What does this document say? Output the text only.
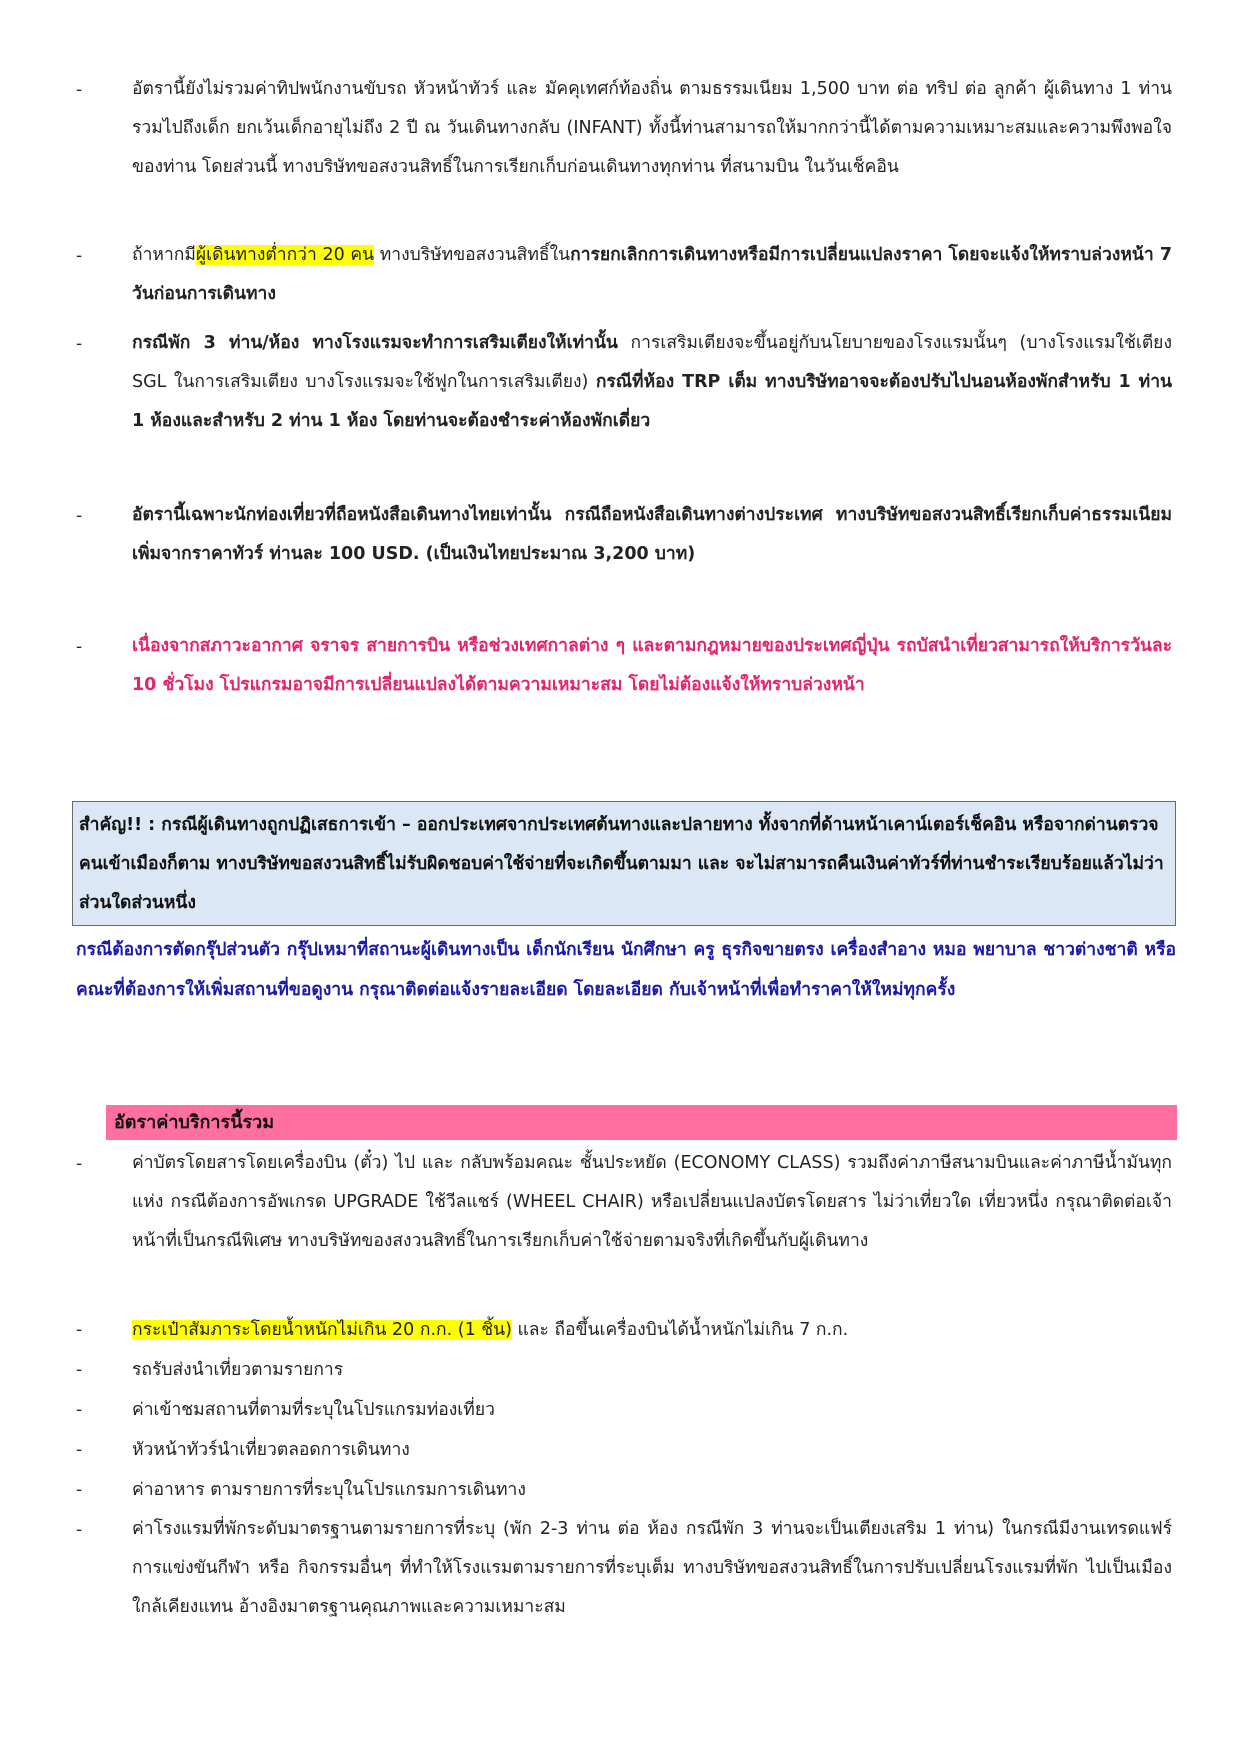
-	อัตรานี้ยังไม่รวมค่าทิปพนักงานขับรถ หัวหน้าทัวร์ และ มัคคุเทศก์ท้องถิ่น ตามธรรมเนียม 1,500 บาท ต่อ ทริป ต่อ ลูกค้า ผู้เดินทาง 1 ท่าน รวมไปถึงเด็ก ยกเว้นเด็กอายุไม่ถึง 2 ปี ณ วันเดินทางกลับ (INFANT) ทั้งนี้ท่านสามารถให้มากกว่านี้ได้ตามความเหมาะสมและความพึงพอใจของท่าน โดยส่วนนี้ ทางบริษัทขอสงวนสิทธิ์ในการเรียกเก็บก่อนเดินทางทุกท่าน ที่สนามบิน ในวันเช็คอิน
-	ถ้าหากมีผู้เดินทางต่ำกว่า 20 คน ทางบริษัทขอสงวนสิทธิ์ในการยกเลิกการเดินทางหรือมีการเปลี่ยนแปลงราคา โดยจะแจ้งให้ทราบล่วงหน้า 7 วันก่อนการเดินทาง
-	กรณีพัก 3 ท่าน/ห้อง ทางโรงแรมจะทำการเสริมเตียงให้เท่านั้น การเสริมเตียงจะขึ้นอยู่กับนโยบายของโรงแรมนั้นๆ (บางโรงแรมใช้เตียง SGL ในการเสริมเตียง บางโรงแรมจะใช้ฟูกในการเสริมเตียง) กรณีที่ห้อง TRP เต็ม ทางบริษัทอาจจะต้องปรับไปนอนห้องพักสำหรับ 1 ท่าน 1 ห้องและสำหรับ 2 ท่าน 1 ห้อง โดยท่านจะต้องชำระค่าห้องพักเดี่ยว
-	อัตรานี้เฉพาะนักท่องเที่ยวที่ถือหนังสือเดินทางไทยเท่านั้น กรณีถือหนังสือเดินทางต่างประเทศ ทางบริษัทขอสงวนสิทธิ์เรียกเก็บค่าธรรมเนียมเพิ่มจากราคาทัวร์ ท่านละ 100 USD. (เป็นเงินไทยประมาณ 3,200 บาท)
-	เนื่องจากสภาวะอากาศ จราจร สายการบิน หรือช่วงเทศกาลต่าง ๆ และตามกฎหมายของประเทศญี่ปุ่น รถบัสนำเที่ยวสามารถให้บริการวันละ 10 ชั่วโมง โปรแกรมอาจมีการเปลี่ยนแปลงได้ตามความเหมาะสม โดยไม่ต้องแจ้งให้ทราบล่วงหน้า
สำคัญ!! : กรณีผู้เดินทางถูกปฏิเสธการเข้า – ออกประเทศจากประเทศต้นทางและปลายทาง ทั้งจากที่ด้านหน้าเคาน์เตอร์เช็คอิน หรือจากด่านตรวจคนเข้าเมืองก็ตาม ทางบริษัทขอสงวนสิทธิ์ไม่รับผิดชอบค่าใช้จ่ายที่จะเกิดขึ้นตามมา และ จะไม่สามารถคืนเงินค่าทัวร์ที่ท่านชำระเรียบร้อยแล้วไม่ว่าส่วนใดส่วนหนึ่ง
กรณีต้องการตัดกรุ๊ปส่วนตัว กรุ๊ปเหมาที่สถานะผู้เดินทางเป็น เด็กนักเรียน นักศึกษา ครู ธุรกิจขายตรง เครื่องสำอาง หมอ พยาบาล ชาวต่างชาติ หรือคณะที่ต้องการให้เพิ่มสถานที่ขอดูงาน กรุณาติดต่อแจ้งรายละเอียด โดยละเอียด กับเจ้าหน้าที่เพื่อทำราคาให้ใหม่ทุกครั้ง
อัตราค่าบริการนี้รวม
-	ค่าบัตรโดยสารโดยเครื่องบิน (ตั๋ว) ไป และ กลับพร้อมคณะ ชั้นประหยัด (ECONOMY CLASS) รวมถึงค่าภาษีสนามบินและค่าภาษีน้ำมันทุกแห่ง กรณีต้องการอัพเกรด UPGRADE ใช้วีลแชร์ (WHEEL CHAIR) หรือเปลี่ยนแปลงบัตรโดยสาร ไม่ว่าเที่ยวใด เที่ยวหนึ่ง กรุณาติดต่อเจ้าหน้าที่เป็นกรณีพิเศษ ทางบริษัทของสงวนสิทธิ์ในการเรียกเก็บค่าใช้จ่ายตามจริงที่เกิดขึ้นกับผู้เดินทาง
-	กระเป๋าสัมภาระโดยน้ำหนักไม่เกิน 20 ก.ก. (1 ชิ้น) และ ถือขึ้นเครื่องบินได้น้ำหนักไม่เกิน 7 ก.ก.
-	รถรับส่งนำเที่ยวตามรายการ
-	ค่าเข้าชมสถานที่ตามที่ระบุในโปรแกรมท่องเที่ยว
-	หัวหน้าทัวร์นำเที่ยวตลอดการเดินทาง
-	ค่าอาหาร ตามรายการที่ระบุในโปรแกรมการเดินทาง
-	ค่าโรงแรมที่พักระดับมาตรฐานตามรายการที่ระบุ (พัก 2-3 ท่าน ต่อ ห้อง กรณีพัก 3 ท่านจะเป็นเตียงเสริม 1 ท่าน) ในกรณีมีงานเทรดแฟร์ การแข่งขันกีฬา หรือ กิจกรรมอื่นๆ ที่ทำให้โรงแรมตามรายการที่ระบุเต็ม ทางบริษัทขอสงวนสิทธิ์ในการปรับเปลี่ยนโรงแรมที่พัก ไปเป็นเมืองใกล้เคียงแทน อ้างอิงมาตรฐานคุณภาพและความเหมาะสม
